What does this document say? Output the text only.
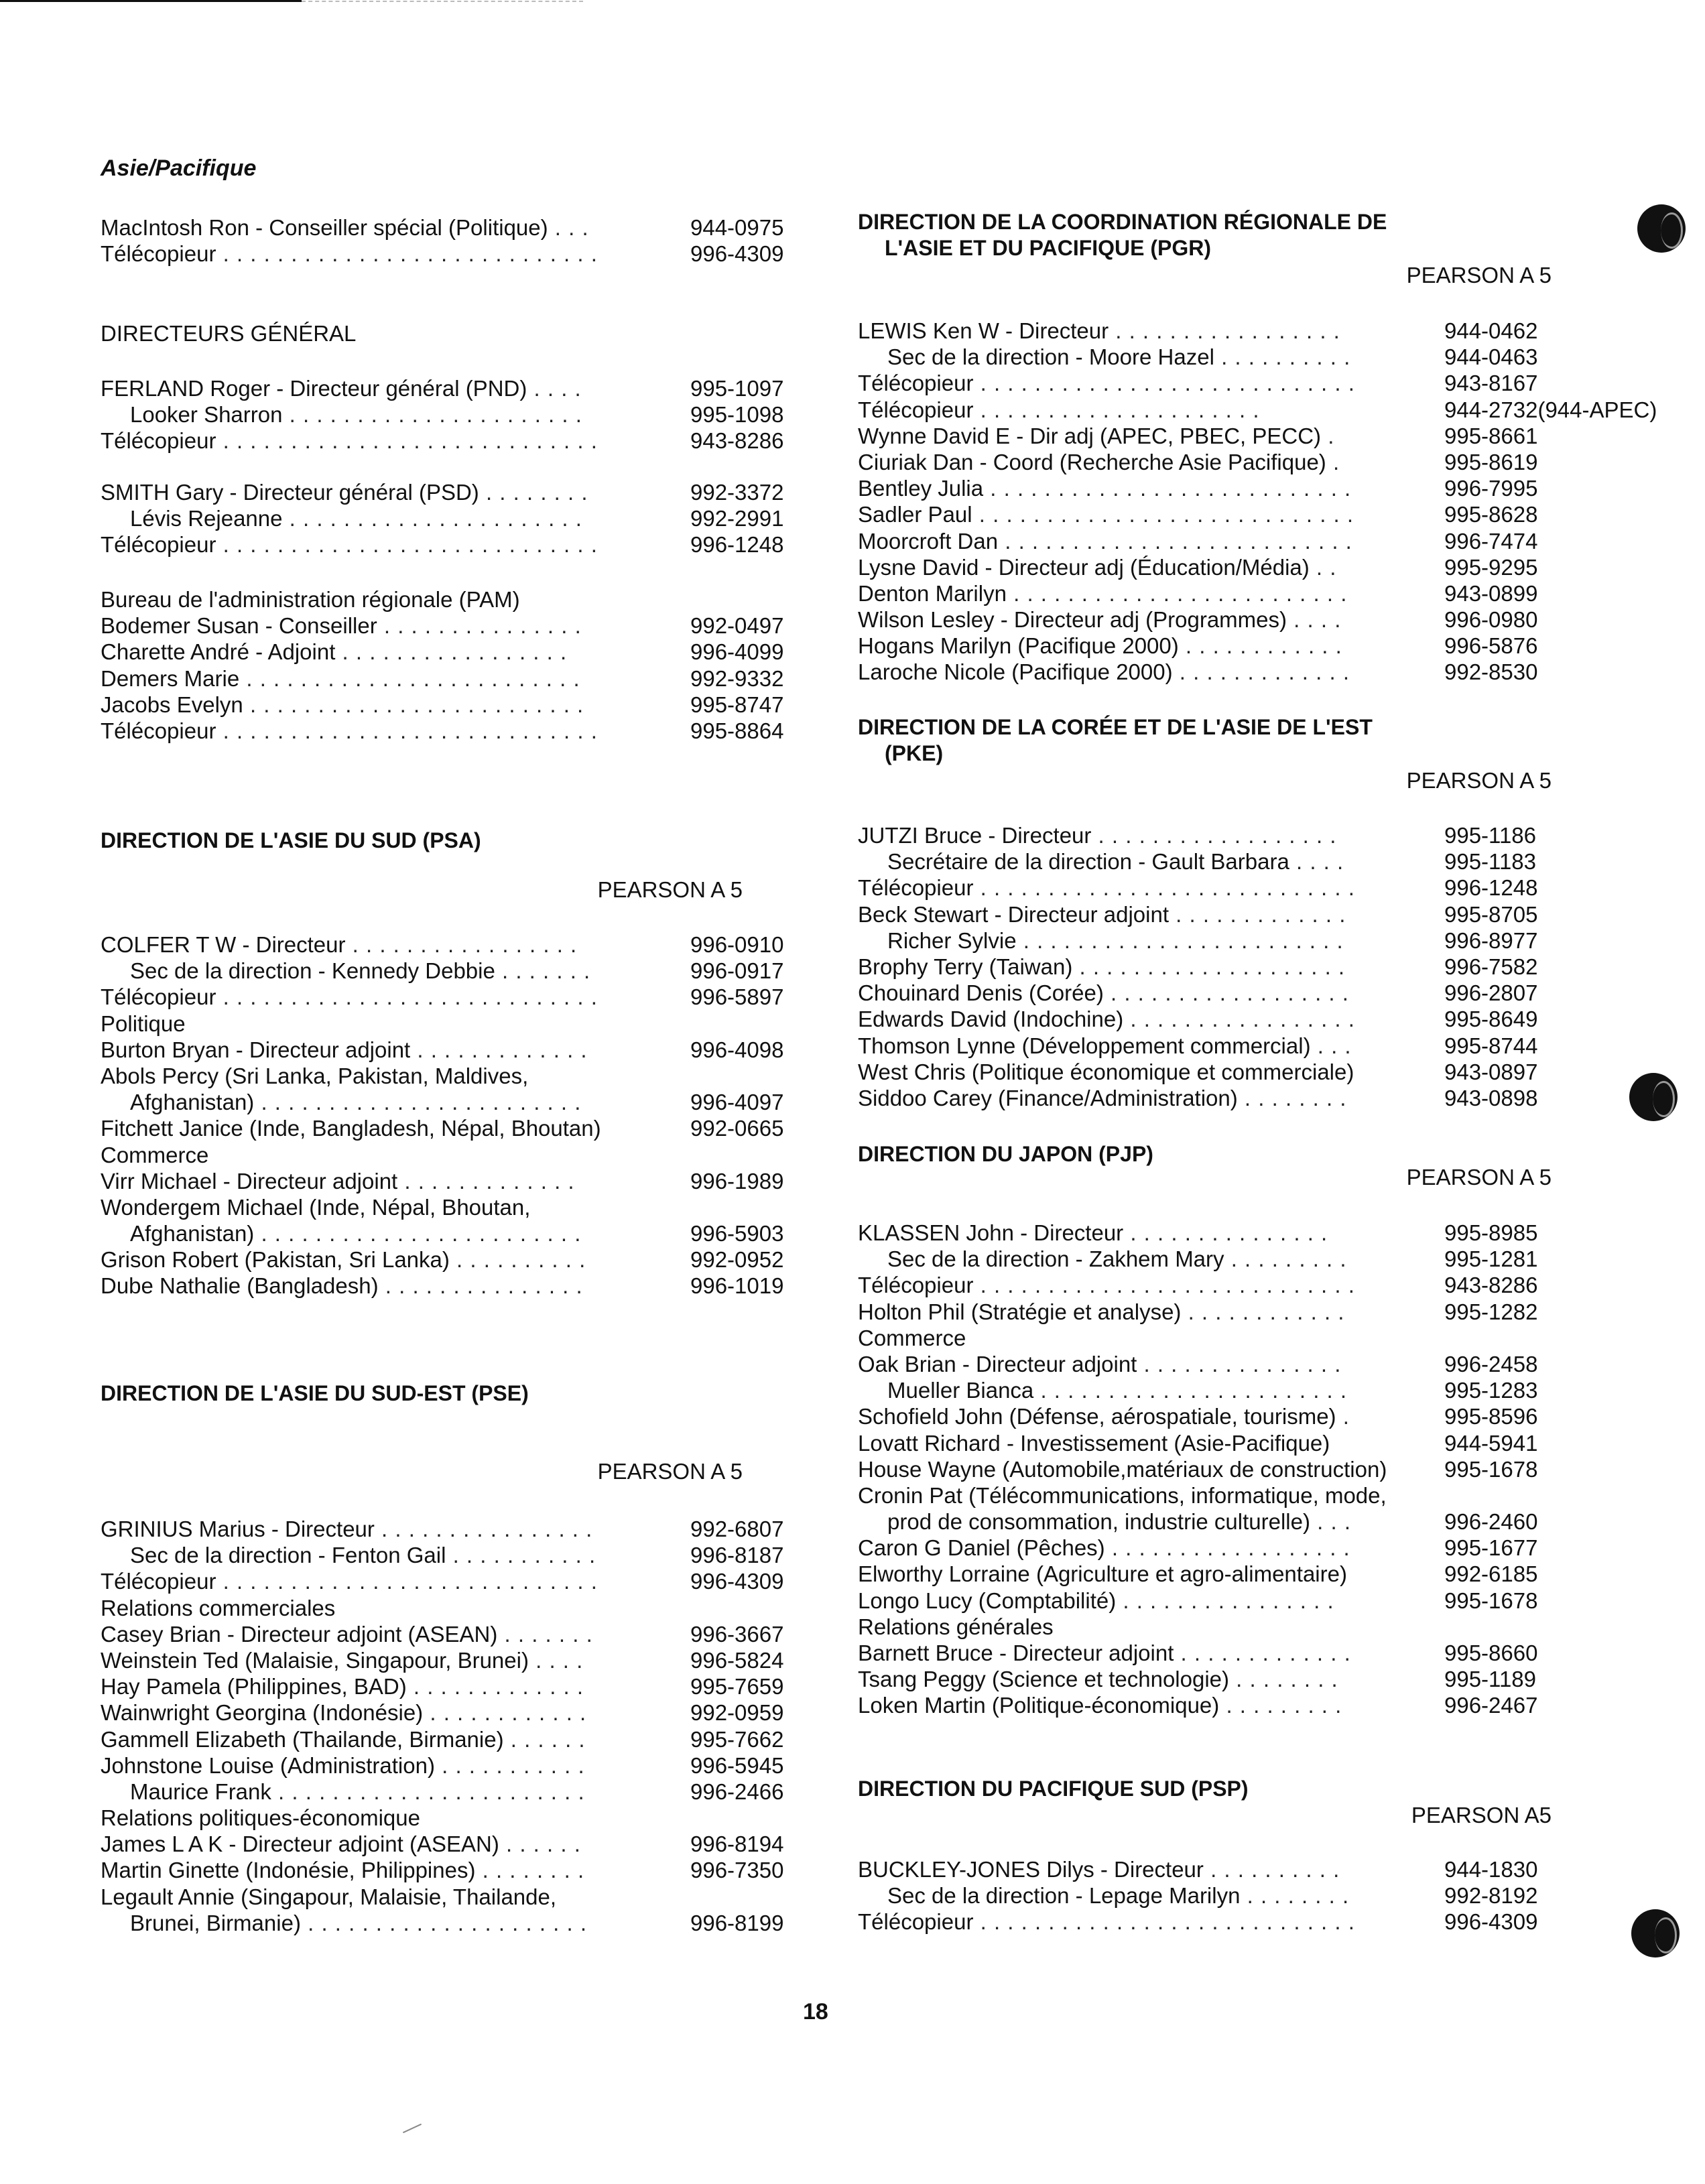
Asie/Pacifique
MacIntosh Ron - Conseiller spécial (Politique) . . .	944-0975
Télécopieur . . . . . . . . . . . . . . . . . . . . . . . . . . . .	996-4309
DIRECTEURS GÉNÉRAL
FERLAND Roger - Directeur général (PND) . . . .	995-1097
Looker Sharron . . . . . . . . . . . . . . . . . . . . . .	995-1098
Télécopieur . . . . . . . . . . . . . . . . . . . . . . . . . . . .	943-8286
SMITH Gary - Directeur général (PSD) . . . . . . . .	992-3372
Lévis Rejeanne . . . . . . . . . . . . . . . . . . . . . .	992-2991
Télécopieur . . . . . . . . . . . . . . . . . . . . . . . . . . . .	996-1248
Bureau de l'administration régionale (PAM)
Bodemer Susan - Conseiller . . . . . . . . . . . . . . .	992-0497
Charette André - Adjoint . . . . . . . . . . . . . . . . .	996-4099
Demers Marie . . . . . . . . . . . . . . . . . . . . . . . . .	992-9332
Jacobs Evelyn . . . . . . . . . . . . . . . . . . . . . . . . .	995-8747
Télécopieur . . . . . . . . . . . . . . . . . . . . . . . . . . . .	995-8864
DIRECTION DE L'ASIE DU SUD (PSA)
PEARSON A 5
COLFER T W - Directeur . . . . . . . . . . . . . . . . .	996-0910
Sec de la direction - Kennedy Debbie . . . . . . .	996-0917
Télécopieur . . . . . . . . . . . . . . . . . . . . . . . . . . . .	996-5897
Politique
Burton Bryan - Directeur adjoint . . . . . . . . . . . . .	996-4098
Abols Percy (Sri Lanka, Pakistan, Maldives,
Afghanistan) . . . . . . . . . . . . . . . . . . . . . . . .	996-4097
Fitchett Janice (Inde, Bangladesh, Népal, Bhoutan)	992-0665
Commerce
Virr Michael - Directeur adjoint . . . . . . . . . . . . .	996-1989
Wondergem Michael (Inde, Népal, Bhoutan,
Afghanistan) . . . . . . . . . . . . . . . . . . . . . . . .	996-5903
Grison Robert (Pakistan, Sri Lanka) . . . . . . . . . .	992-0952
Dube Nathalie (Bangladesh) . . . . . . . . . . . . . . .	996-1019
DIRECTION DE L'ASIE DU SUD-EST (PSE)
PEARSON A 5
GRINIUS Marius - Directeur . . . . . . . . . . . . . . . .	992-6807
Sec de la direction - Fenton Gail . . . . . . . . . . .	996-8187
Télécopieur . . . . . . . . . . . . . . . . . . . . . . . . . . . .	996-4309
Relations commerciales
Casey Brian - Directeur adjoint (ASEAN) . . . . . . .	996-3667
Weinstein Ted (Malaisie, Singapour, Brunei) . . . .	996-5824
Hay Pamela (Philippines, BAD) . . . . . . . . . . . . .	995-7659
Wainwright Georgina (Indonésie) . . . . . . . . . . . .	992-0959
Gammell Elizabeth (Thailande, Birmanie) . . . . . .	995-7662
Johnstone Louise (Administration) . . . . . . . . . . .	996-5945
Maurice Frank . . . . . . . . . . . . . . . . . . . . . . .	996-2466
Relations politiques-économique
James L A K - Directeur adjoint (ASEAN) . . . . . .	996-8194
Martin Ginette (Indonésie, Philippines) . . . . . . . .	996-7350
Legault Annie (Singapour, Malaisie, Thailande,
Brunei, Birmanie) . . . . . . . . . . . . . . . . . . . . .	996-8199
DIRECTION DE LA COORDINATION RÉGIONALE DE
L'ASIE ET DU PACIFIQUE (PGR)
PEARSON A 5
LEWIS Ken W - Directeur . . . . . . . . . . . . . . . . .	944-0462
Sec de la direction - Moore Hazel . . . . . . . . . .	944-0463
Télécopieur . . . . . . . . . . . . . . . . . . . . . . . . . . . .	943-8167
Télécopieur . . . . . . . . . . . . . . . . . . . . .	944-2732(944-APEC)
Wynne David E - Dir adj (APEC, PBEC, PECC) .	995-8661
Ciuriak Dan - Coord (Recherche Asie Pacifique) .	995-8619
Bentley Julia . . . . . . . . . . . . . . . . . . . . . . . . . . .	996-7995
Sadler Paul . . . . . . . . . . . . . . . . . . . . . . . . . . . .	995-8628
Moorcroft Dan . . . . . . . . . . . . . . . . . . . . . . . . . .	996-7474
Lysne David - Directeur adj (Éducation/Média) . .	995-9295
Denton Marilyn . . . . . . . . . . . . . . . . . . . . . . . . .	943-0899
Wilson Lesley - Directeur adj (Programmes) . . . .	996-0980
Hogans Marilyn (Pacifique 2000) . . . . . . . . . . . .	996-5876
Laroche Nicole (Pacifique 2000) . . . . . . . . . . . . .	992-8530
DIRECTION DE LA CORÉE ET DE L'ASIE DE L'EST
(PKE)
PEARSON A 5
JUTZI Bruce - Directeur . . . . . . . . . . . . . . . . . .	995-1186
Secrétaire de la direction - Gault Barbara . . . .	995-1183
Télécopieur . . . . . . . . . . . . . . . . . . . . . . . . . . . .	996-1248
Beck Stewart - Directeur adjoint . . . . . . . . . . . . .	995-8705
Richer Sylvie . . . . . . . . . . . . . . . . . . . . . . . .	996-8977
Brophy Terry (Taiwan) . . . . . . . . . . . . . . . . . . . .	996-7582
Chouinard Denis (Corée) . . . . . . . . . . . . . . . . . .	996-2807
Edwards David (Indochine) . . . . . . . . . . . . . . . . .	995-8649
Thomson Lynne (Développement commercial) . . .	995-8744
West Chris (Politique économique et commerciale)	943-0897
Siddoo Carey (Finance/Administration) . . . . . . . .	943-0898
DIRECTION DU JAPON (PJP)
PEARSON A 5
KLASSEN John - Directeur . . . . . . . . . . . . . . .	995-8985
Sec de la direction - Zakhem Mary . . . . . . . . .	995-1281
Télécopieur . . . . . . . . . . . . . . . . . . . . . . . . . . . .	943-8286
Holton Phil (Stratégie et analyse) . . . . . . . . . . . .	995-1282
Commerce
Oak Brian - Directeur adjoint . . . . . . . . . . . . . . .	996-2458
Mueller Bianca . . . . . . . . . . . . . . . . . . . . . . .	995-1283
Schofield John (Défense, aérospatiale, tourisme) .	995-8596
Lovatt Richard - Investissement (Asie-Pacifique)	944-5941
House Wayne (Automobile,matériaux de construction)	995-1678
Cronin Pat (Télécommunications, informatique, mode,
prod de consommation, industrie culturelle) . . .	996-2460
Caron G Daniel (Pêches) . . . . . . . . . . . . . . . . . .	995-1677
Elworthy Lorraine (Agriculture et agro-alimentaire)	992-6185
Longo Lucy (Comptabilité) . . . . . . . . . . . . . . . .	995-1678
Relations générales
Barnett Bruce - Directeur adjoint . . . . . . . . . . . . .	995-8660
Tsang Peggy (Science et technologie) . . . . . . . .	995-1189
Loken Martin (Politique-économique) . . . . . . . . .	996-2467
DIRECTION DU PACIFIQUE SUD (PSP)
PEARSON A5
BUCKLEY-JONES Dilys - Directeur . . . . . . . . . .	944-1830
Sec de la direction - Lepage Marilyn . . . . . . . .	992-8192
Télécopieur . . . . . . . . . . . . . . . . . . . . . . . . . . . .	996-4309
18
